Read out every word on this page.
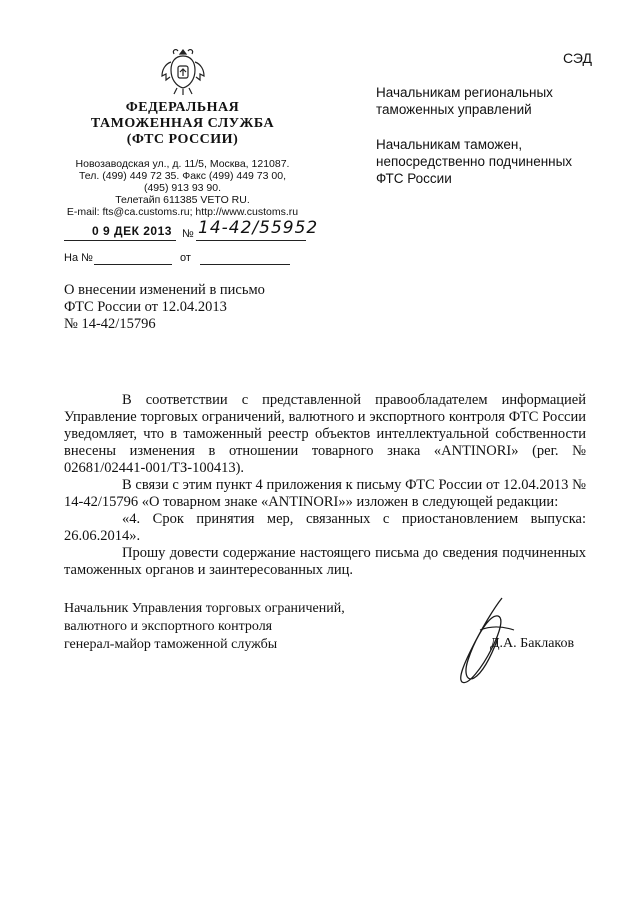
ФЕДЕРАЛЬНАЯ
ТАМОЖЕННАЯ СЛУЖБА
(ФТС РОССИИ)
Новозаводская ул., д. 11/5, Москва, 121087.
Тел. (499) 449 72 35. Факс (499) 449 73 00,
(495) 913 93 90.
Телетайп 611385 VETO RU.
E-mail: fts@ca.customs.ru; http://www.customs.ru
СЭД
0 9 ДЕК 2013 № 14-42/55952
На №	от
Начальникам региональных
таможенных управлений
Начальникам таможен,
непосредственно подчиненных
ФТС России
О внесении изменений в письмо
ФТС России от 12.04.2013
№ 14-42/15796

В соответствии с представленной правообладателем информацией Управление торговых ограничений, валютного и экспортного контроля ФТС России уведомляет, что в таможенный реестр объектов интеллектуальной собственности внесены изменения в отношении товарного знака «ANTINORI» (рег. № 02681/02441-001/ТЗ-100413).

В связи с этим пункт 4 приложения к письму ФТС России от 12.04.2013 № 14-42/15796 «О товарном знаке «ANTINORI»» изложен в следующей редакции:

«4. Срок принятия мер, связанных с приостановлением выпуска: 26.06.2014».

Прошу довести содержание настоящего письма до сведения подчиненных таможенных органов и заинтересованных лиц.

Начальник Управления торговых ограничений,
валютного и экспортного контроля
генерал-майор таможенной службы	Д.А. Баклаков
